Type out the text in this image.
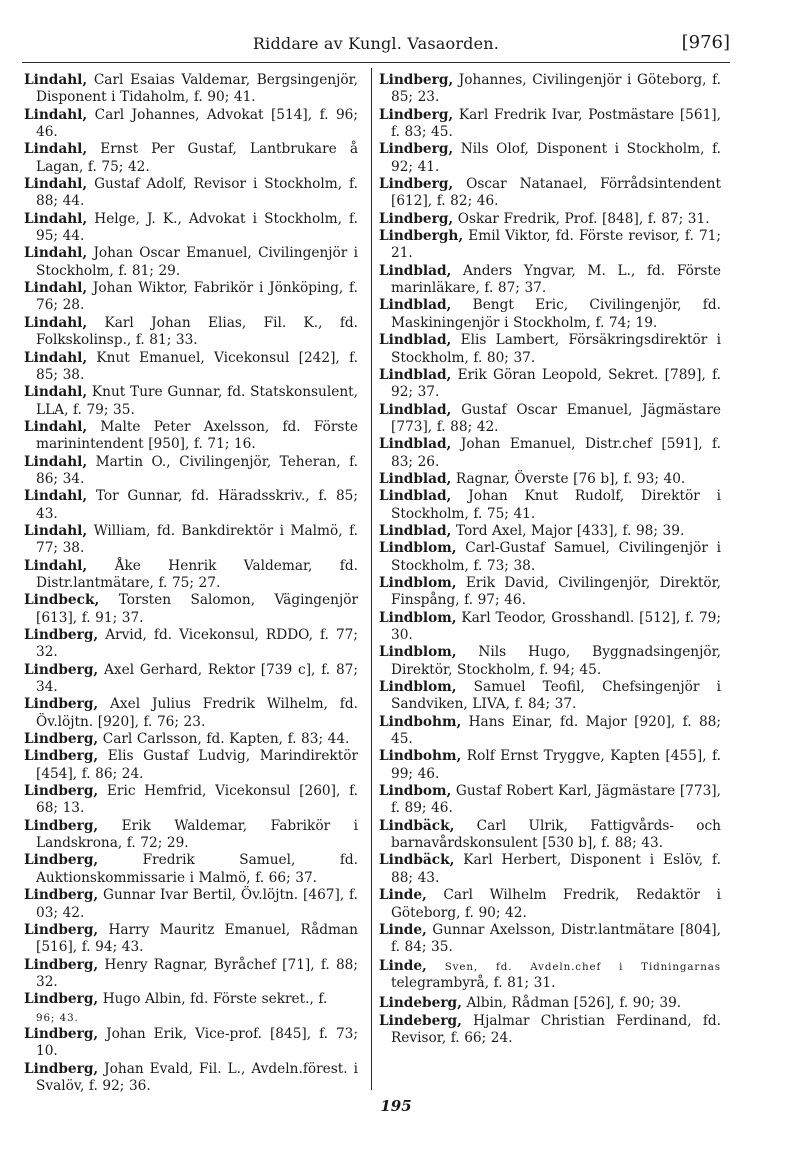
Riddare av Kungl. Vasaorden.	[976]

Lindahl, Carl Esaias Valdemar, Bergsingenjör, Disponent i Tidaholm, f. 90; 41.

Lindahl, Carl Johannes, Advokat [514], f. 96; 46.

Lindahl, Ernst Per Gustaf, Lantbrukare å Lagan, f. 75; 42.

Lindahl, Gustaf Adolf, Revisor i Stockholm, f. 88; 44.

Lindahl, Helge, J. K., Advokat i Stockholm, f. 95; 44.

Lindahl, Johan Oscar Emanuel, Civilingenjör i Stockholm, f. 81; 29.

Lindahl, Johan Wiktor, Fabrikör i Jönköping, f. 76; 28.

Lindahl, Karl Johan Elias, Fil. K., fd. Folkskolinsp., f. 81; 33.

Lindahl, Knut Emanuel, Vicekonsul [242], f. 85; 38.

Lindahl, Knut Ture Gunnar, fd. Statskonsulent, LLA, f. 79; 35.

Lindahl, Malte Peter Axelsson, fd. Förste marinintendent [950], f. 71; 16.

Lindahl, Martin O., Civilingenjör, Teheran, f. 86; 34.

Lindahl, Tor Gunnar, fd. Häradsskriv., f. 85; 43.

Lindahl, William, fd. Bankdirektör i Malmö, f. 77; 38.

Lindahl, Åke Henrik Valdemar, fd. Distr.lantmätare, f. 75; 27.

Lindbeck, Torsten Salomon, Vägingenjör [613], f. 91; 37.

Lindberg, Arvid, fd. Vicekonsul, RDDO, f. 77; 32.

Lindberg, Axel Gerhard, Rektor [739 c], f. 87; 34.

Lindberg, Axel Julius Fredrik Wilhelm, fd. Öv.löjtn. [920], f. 76; 23.

Lindberg, Carl Carlsson, fd. Kapten, f. 83; 44.

Lindberg, Elis Gustaf Ludvig, Marindirektör [454], f. 86; 24.

Lindberg, Eric Hemfrid, Vicekonsul [260], f. 68; 13.

Lindberg, Erik Waldemar, Fabrikör i Landskrona, f. 72; 29.

Lindberg, Fredrik Samuel, fd. Auktionskommissarie i Malmö, f. 66; 37.

Lindberg, Gunnar Ivar Bertil, Öv.löjtn. [467], f. 03; 42.

Lindberg, Harry Mauritz Emanuel, Rådman [516], f. 94; 43.

Lindberg, Henry Ragnar, Byråchef [71], f. 88; 32.

Lindberg, Hugo Albin, fd. Förste sekret., f.
96; 43.

Lindberg, Johan Erik, Vice-prof. [845], f. 73; 10.

Lindberg, Johan Evald, Fil. L., Avdeln.förest. i Svalöv, f. 92; 36.

Lindberg, Johannes, Civilingenjör i Göteborg, f. 85; 23.

Lindberg, Karl Fredrik Ivar, Postmästare [561], f. 83; 45.

Lindberg, Nils Olof, Disponent i Stockholm, f. 92; 41.

Lindberg, Oscar Natanael, Förrådsintendent [612], f. 82; 46.

Lindberg, Oskar Fredrik, Prof. [848], f. 87; 31.

Lindbergh, Emil Viktor, fd. Förste revisor, f. 71; 21.

Lindblad, Anders Yngvar, M. L., fd. Förste marinläkare, f. 87; 37.

Lindblad, Bengt Eric, Civilingenjör, fd. Maskiningenjör i Stockholm, f. 74; 19.

Lindblad, Elis Lambert, Försäkringsdirektör i Stockholm, f. 80; 37.

Lindblad, Erik Göran Leopold, Sekret. [789], f. 92; 37.

Lindblad, Gustaf Oscar Emanuel, Jägmästare [773], f. 88; 42.

Lindblad, Johan Emanuel, Distr.chef [591], f. 83; 26.

Lindblad, Ragnar, Överste [76 b], f. 93; 40.

Lindblad, Johan Knut Rudolf, Direktör i Stockholm, f. 75; 41.

Lindblad, Tord Axel, Major [433], f. 98; 39.

Lindblom, Carl-Gustaf Samuel, Civilingenjör i Stockholm, f. 73; 38.

Lindblom, Erik David, Civilingenjör, Direktör, Finspång, f. 97; 46.

Lindblom, Karl Teodor, Grosshandl. [512], f. 79; 30.

Lindblom, Nils Hugo, Byggnadsingenjör, Direktör, Stockholm, f. 94; 45.

Lindblom, Samuel Teofil, Chefsingenjör i Sandviken, LIVA, f. 84; 37.

Lindbohm, Hans Einar, fd. Major [920], f. 88; 45.

Lindbohm, Rolf Ernst Tryggve, Kapten [455], f. 99; 46.

Lindbom, Gustaf Robert Karl, Jägmästare [773], f. 89; 46.

Lindbäck, Carl Ulrik, Fattigvårds- och barnavårdskonsulent [530 b], f. 88; 43.

Lindbäck, Karl Herbert, Disponent i Eslöv, f. 88; 43.

Linde, Carl Wilhelm Fredrik, Redaktör i Göteborg, f. 90; 42.

Linde, Gunnar Axelsson, Distr.lantmätare [804], f. 84; 35.

Linde, Sven, fd. Avdeln.chef i Tidningarnas telegrambyrå, f. 81; 31.

Lindeberg, Albin, Rådman [526], f. 90; 39.

Lindeberg, Hjalmar Christian Ferdinand, fd. Revisor, f. 66; 24.

195
